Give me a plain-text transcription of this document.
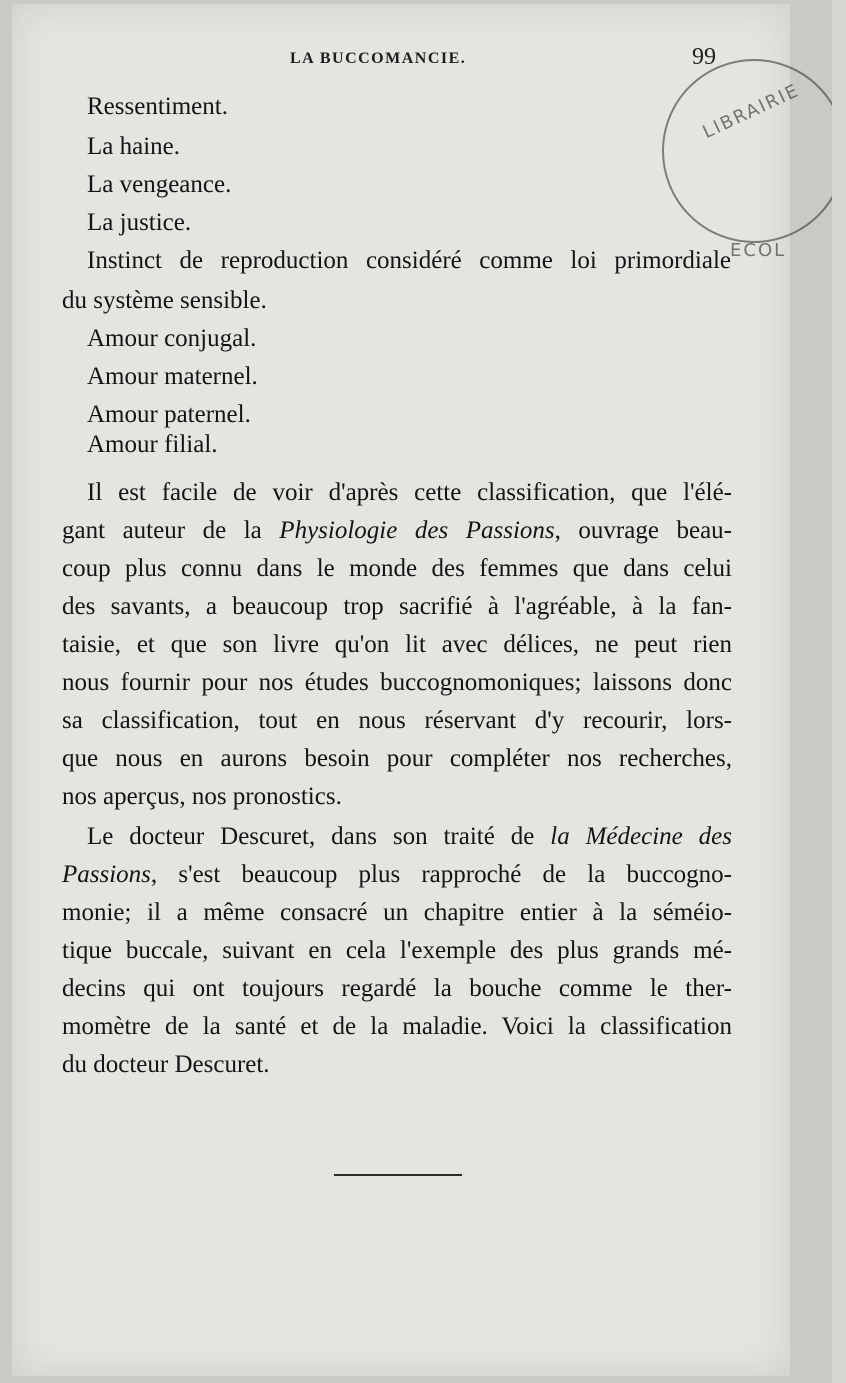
LIBRAIRIE
LA BUCCOMANCIE.	99
Ressentiment.
La haine.
La vengeance.
La justice.
Instinct de reproduction considéré comme loi primordiale
du système sensible.
Amour conjugal.
Amour maternel.
Amour paternel.
Amour filial.
Il est facile de voir d'après cette classification, que l'élé-
gant auteur de la Physiologie des Passions, ouvrage beau-
coup plus connu dans le monde des femmes que dans celui
des savants, a beaucoup trop sacrifié à l'agréable, à la fan-
taisie, et que son livre qu'on lit avec délices, ne peut rien
nous fournir pour nos études buccognomoniques; laissons donc
sa classification, tout en nous réservant d'y recourir, lors-
que nous en aurons besoin pour compléter nos recherches,
nos aperçus, nos pronostics.
Le docteur Descuret, dans son traité de la Médecine des
Passions, s'est beaucoup plus rapproché de la buccogno-
monie; il a même consacré un chapitre entier à la séméio-
tique buccale, suivant en cela l'exemple des plus grands mé-
decins qui ont toujours regardé la bouche comme le ther-
momètre de la santé et de la maladie. Voici la classification
du docteur Descuret.
ECOL
